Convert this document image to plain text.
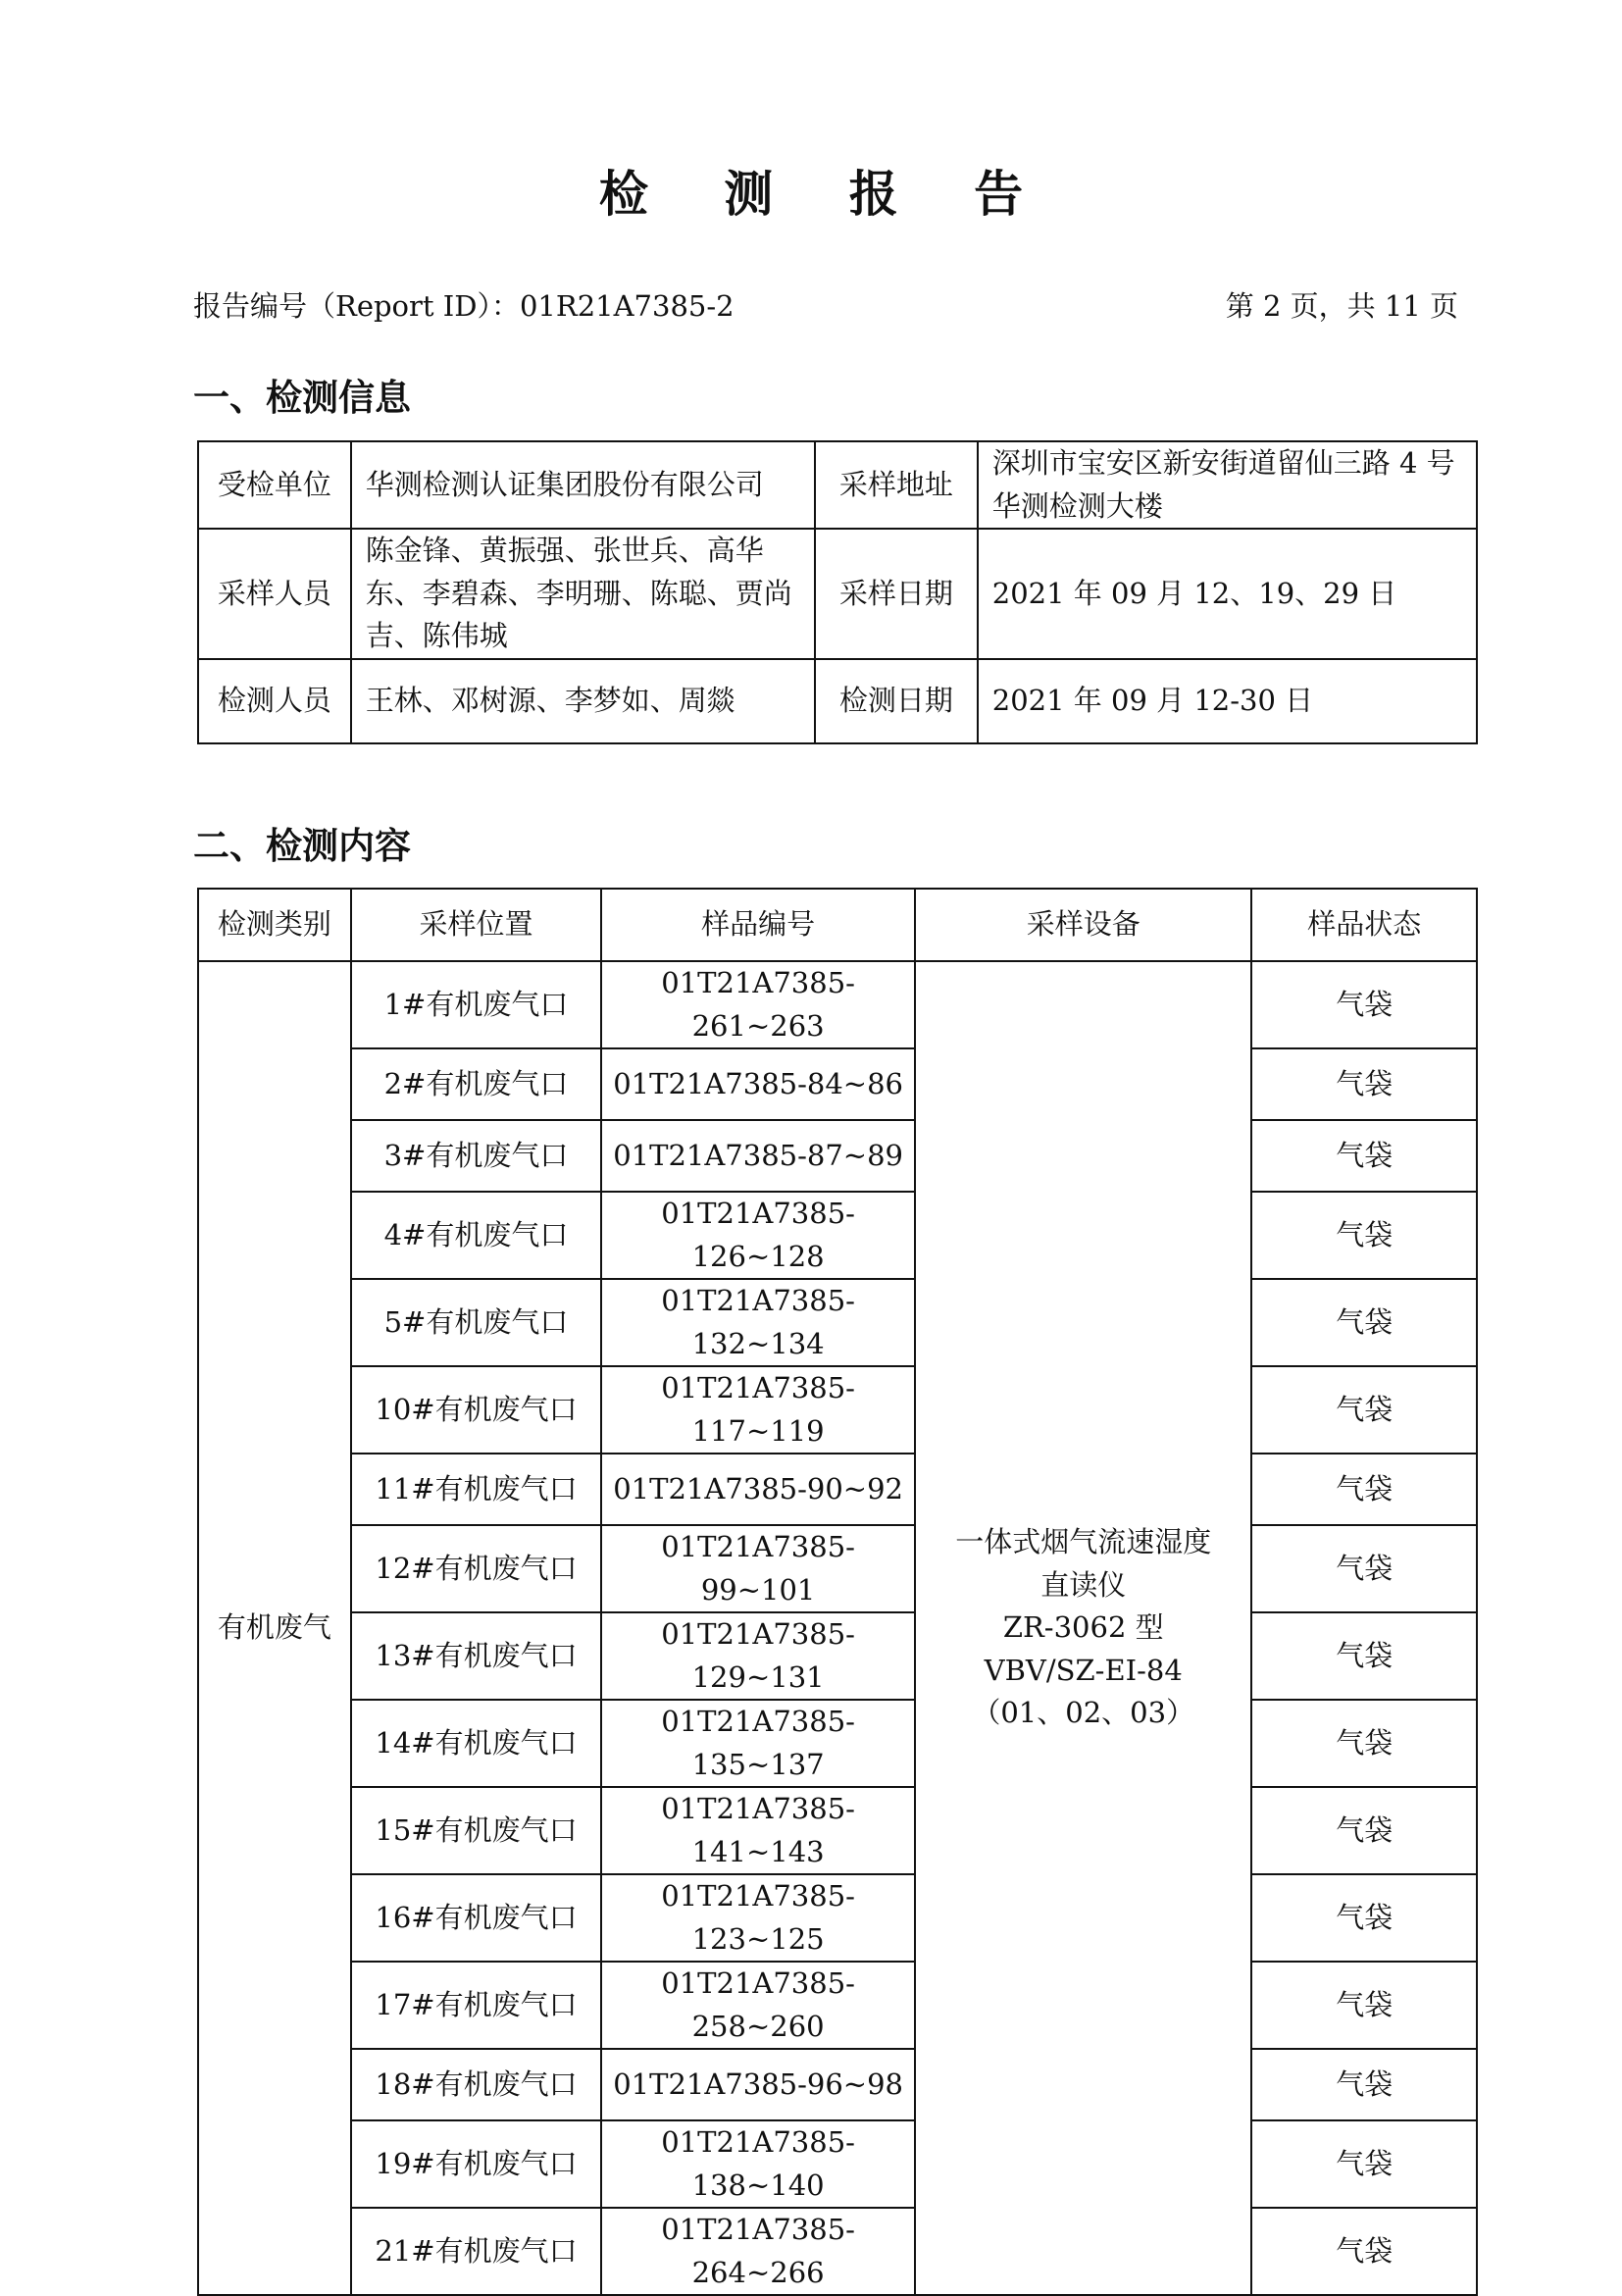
检 测 报 告
报告编号（Report ID）：01R21A7385-2	第 2 页，共 11 页
一、检测信息
受检单位	华测检测认证集团股份有限公司	采样地址	深圳市宝安区新安街道留仙三路 4 号华测检测大楼
采样人员	陈金锋、黄振强、张世兵、高华东、李碧森、李明珊、陈聪、贾尚吉、陈伟城	采样日期	2021 年 09 月 12、19、29 日
检测人员	王林、邓树源、李梦如、周燚	检测日期	2021 年 09 月 12-30 日
二、检测内容
检测类别	采样位置	样品编号	采样设备	样品状态
有机废气	1#有机废气口	01T21A7385-261~263	一体式烟气流速湿度
直读仪
ZR-3062 型
VBV/SZ-EI-84
（01、02、03）	气袋
	2#有机废气口	01T21A7385-84~86		气袋
	3#有机废气口	01T21A7385-87~89		气袋
	4#有机废气口	01T21A7385-126~128		气袋
	5#有机废气口	01T21A7385-132~134		气袋
	10#有机废气口	01T21A7385-117~119		气袋
	11#有机废气口	01T21A7385-90~92		气袋
	12#有机废气口	01T21A7385-99~101		气袋
	13#有机废气口	01T21A7385-129~131		气袋
	14#有机废气口	01T21A7385-135~137		气袋
	15#有机废气口	01T21A7385-141~143		气袋
	16#有机废气口	01T21A7385-123~125		气袋
	17#有机废气口	01T21A7385-258~260		气袋
	18#有机废气口	01T21A7385-96~98		气袋
	19#有机废气口	01T21A7385-138~140		气袋
	21#有机废气口	01T21A7385-264~266		气袋
